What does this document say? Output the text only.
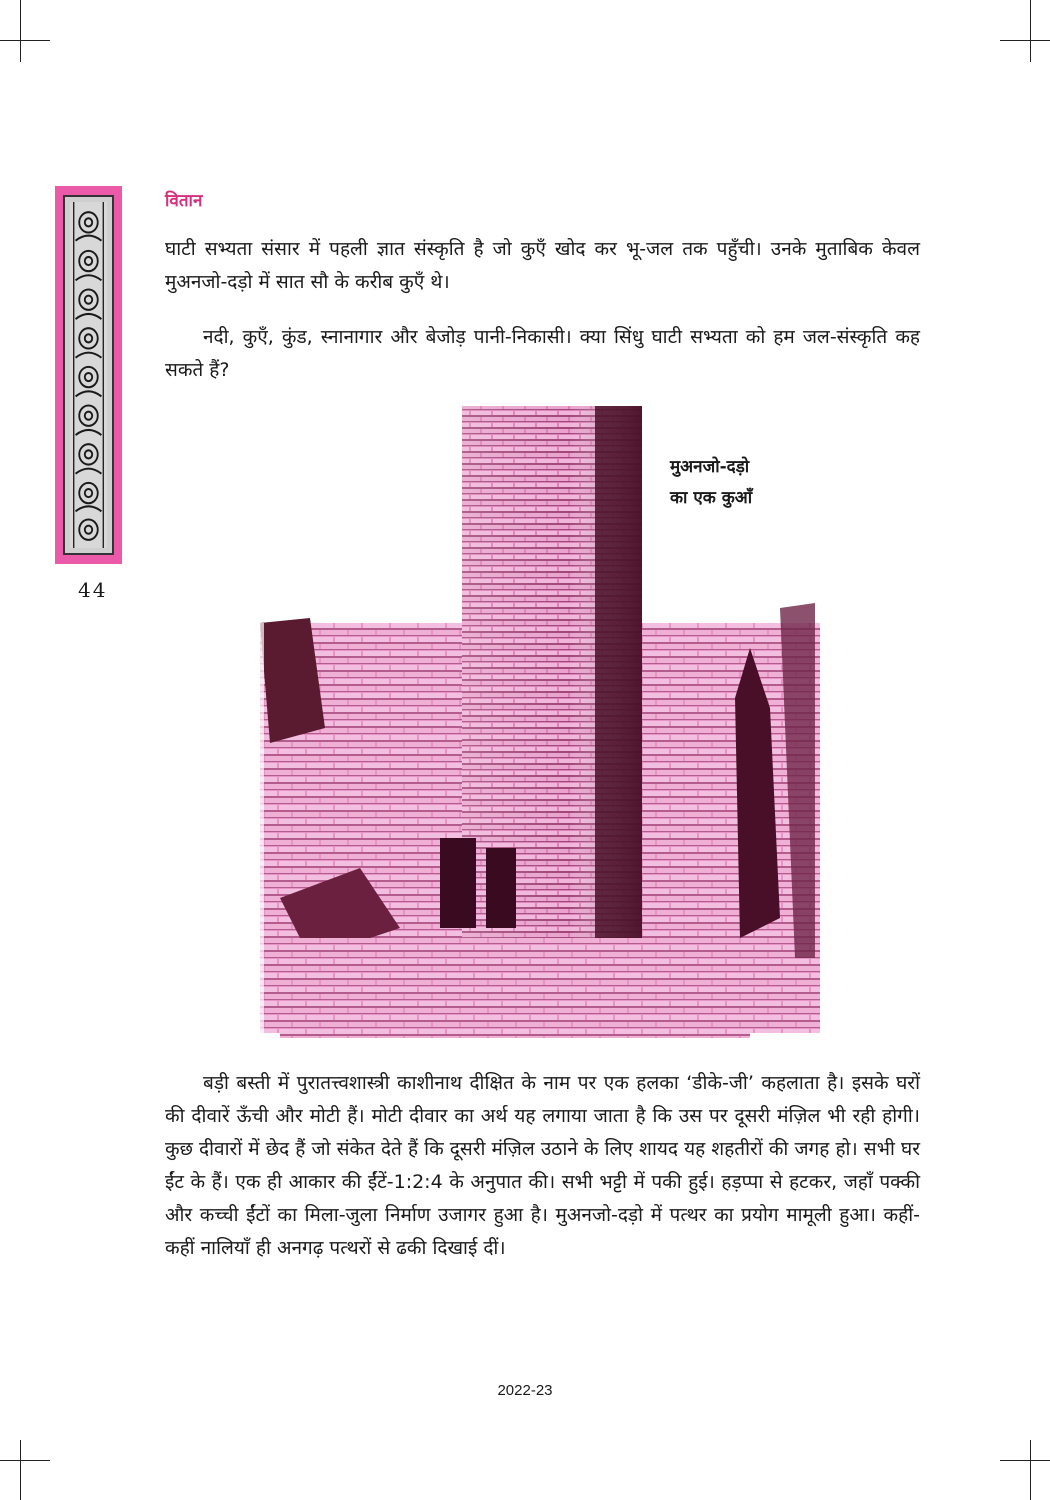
वितान
44

घाटी सभ्यता संसार में पहली ज्ञात संस्कृति है जो कुएँ खोद कर भू-जल तक पहुँची। उनके मुताबिक केवल मुअनजो-दड़ो में सात सौ के करीब कुएँ थे।

नदी, कुएँ, कुंड, स्नानागार और बेजोड़ पानी-निकासी। क्या सिंधु घाटी सभ्यता को हम जल-संस्कृति कह सकते हैं?

मुअनजो-दड़ो
का एक कुआँ

बड़ी बस्ती में पुरातत्त्वशास्त्री काशीनाथ दीक्षित के नाम पर एक हलका ‘डीके-जी’ कहलाता है। इसके घरों की दीवारें ऊँची और मोटी हैं। मोटी दीवार का अर्थ यह लगाया जाता है कि उस पर दूसरी मंज़िल भी रही होगी। कुछ दीवारों में छेद हैं जो संकेत देते हैं कि दूसरी मंज़िल उठाने के लिए शायद यह शहतीरों की जगह हो। सभी घर ईंट के हैं। एक ही आकार की ईंटें-1:2:4 के अनुपात की। सभी भट्टी में पकी हुई। हड़प्पा से हटकर, जहाँ पक्की और कच्ची ईंटों का मिला-जुला निर्माण उजागर हुआ है। मुअनजो-दड़ो में पत्थर का प्रयोग मामूली हुआ। कहीं-कहीं नालियाँ ही अनगढ़ पत्थरों से ढकी दिखाई दीं।

2022-23
